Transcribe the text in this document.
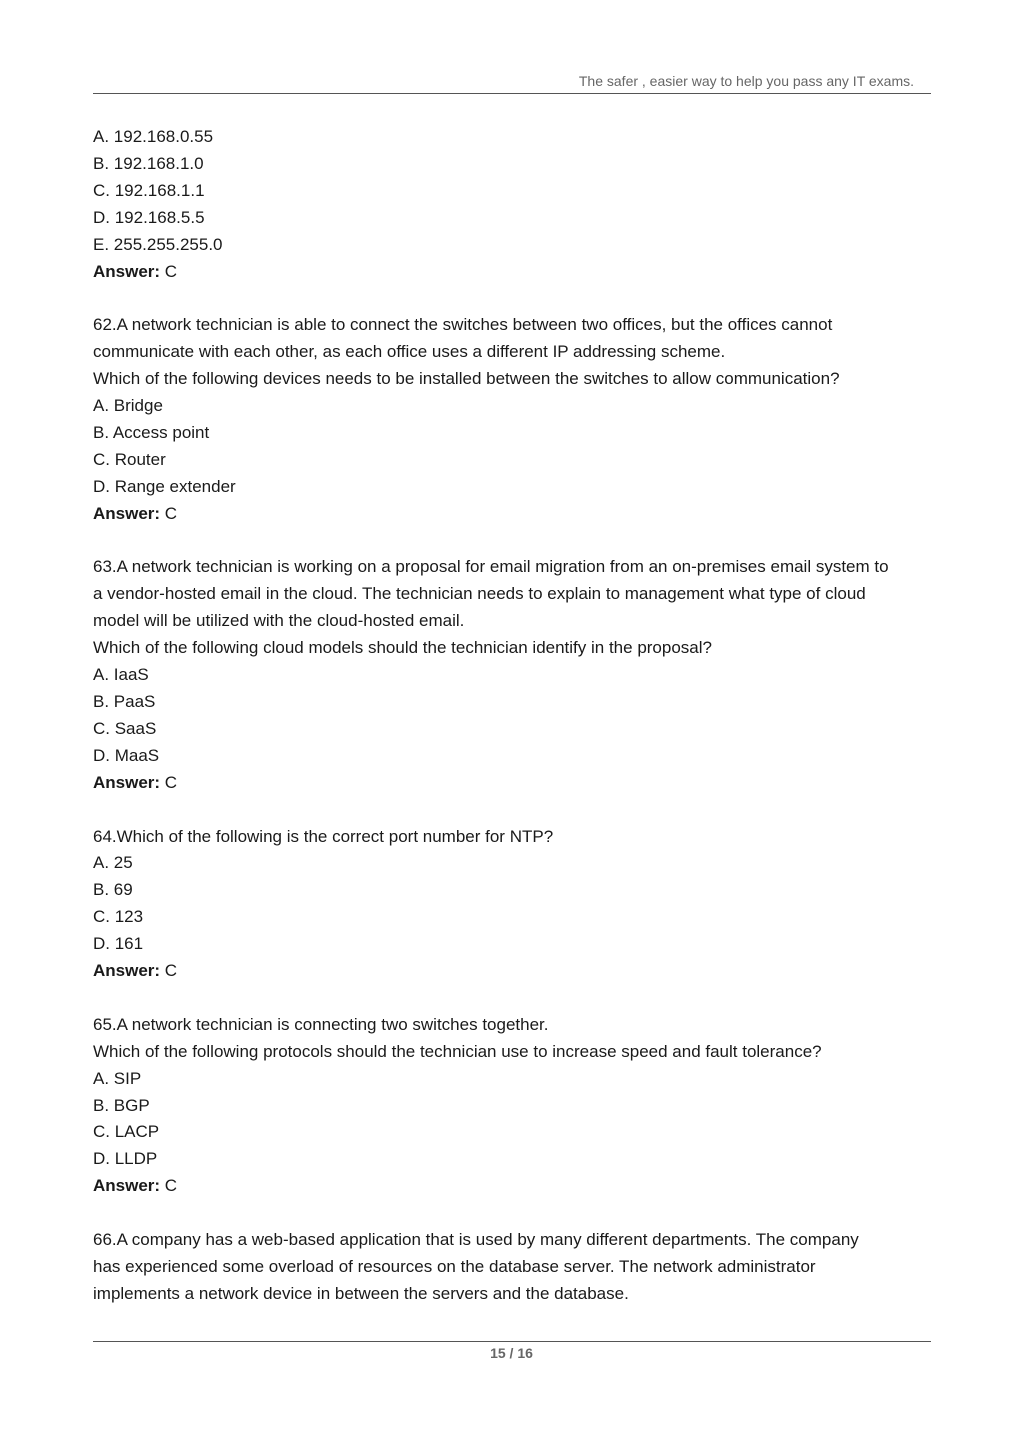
The safer , easier way to help you pass any IT exams.

A. 192.168.0.55

B. 192.168.1.0

C. 192.168.1.1

D. 192.168.5.5

E. 255.255.255.0

Answer: C

62.A network technician is able to connect the switches between two offices, but the offices cannot

communicate with each other, as each office uses a different IP addressing scheme.

Which of the following devices needs to be installed between the switches to allow communication?

A. Bridge

B. Access point

C. Router

D. Range extender

Answer: C

63.A network technician is working on a proposal for email migration from an on-premises email system to

a vendor-hosted email in the cloud. The technician needs to explain to management what type of cloud

model will be utilized with the cloud-hosted email.

Which of the following cloud models should the technician identify in the proposal?

A. IaaS

B. PaaS

C. SaaS

D. MaaS

Answer: C

64.Which of the following is the correct port number for NTP?

A. 25

B. 69

C. 123

D. 161

Answer: C

65.A network technician is connecting two switches together.

Which of the following protocols should the technician use to increase speed and fault tolerance?

A. SIP

B. BGP

C. LACP

D. LLDP

Answer: C

66.A company has a web-based application that is used by many different departments. The company

has experienced some overload of resources on the database server. The network administrator

implements a network device in between the servers and the database.

15 / 16
